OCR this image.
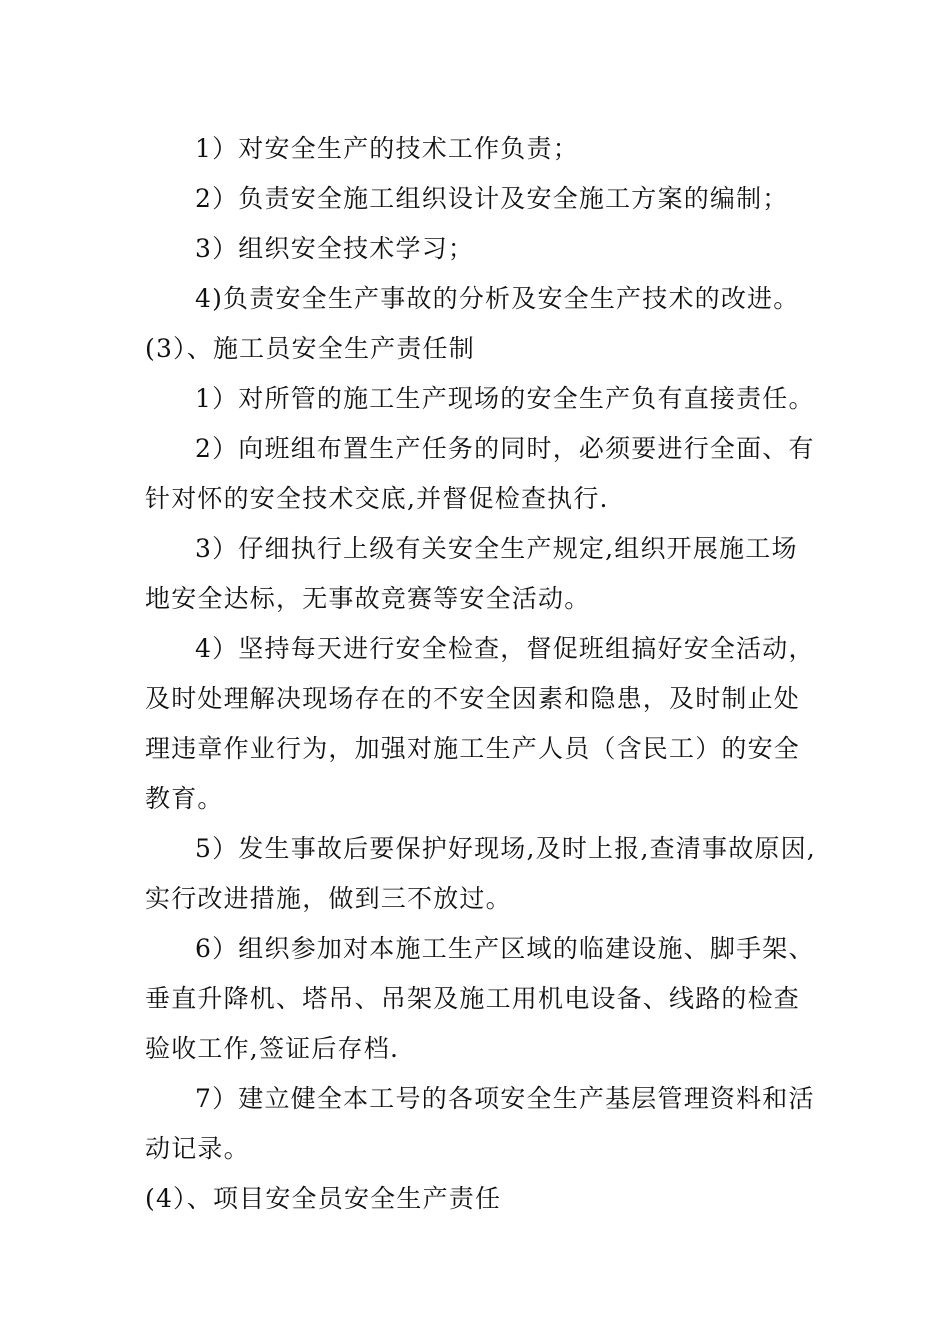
1）对安全生产的技术工作负责；
2）负责安全施工组织设计及安全施工方案的编制；
3）组织安全技术学习；
4)负责安全生产事故的分析及安全生产技术的改进。
(3）、施工员安全生产责任制
1）对所管的施工生产现场的安全生产负有直接责任。
2）向班组布置生产任务的同时，必须要进行全面、有
针对怀的安全技术交底,并督促检查执行.
3）仔细执行上级有关安全生产规定,组织开展施工场
地安全达标，无事故竞赛等安全活动。
4）坚持每天进行安全检查，督促班组搞好安全活动，
及时处理解决现场存在的不安全因素和隐患，及时制止处
理违章作业行为，加强对施工生产人员（含民工）的安全
教育。
5）发生事故后要保护好现场,及时上报,查清事故原因,
实行改进措施，做到三不放过。
6）组织参加对本施工生产区域的临建设施、脚手架、
垂直升降机、塔吊、吊架及施工用机电设备、线路的检查
验收工作,签证后存档.
7）建立健全本工号的各项安全生产基层管理资料和活
动记录。
(4）、项目安全员安全生产责任
